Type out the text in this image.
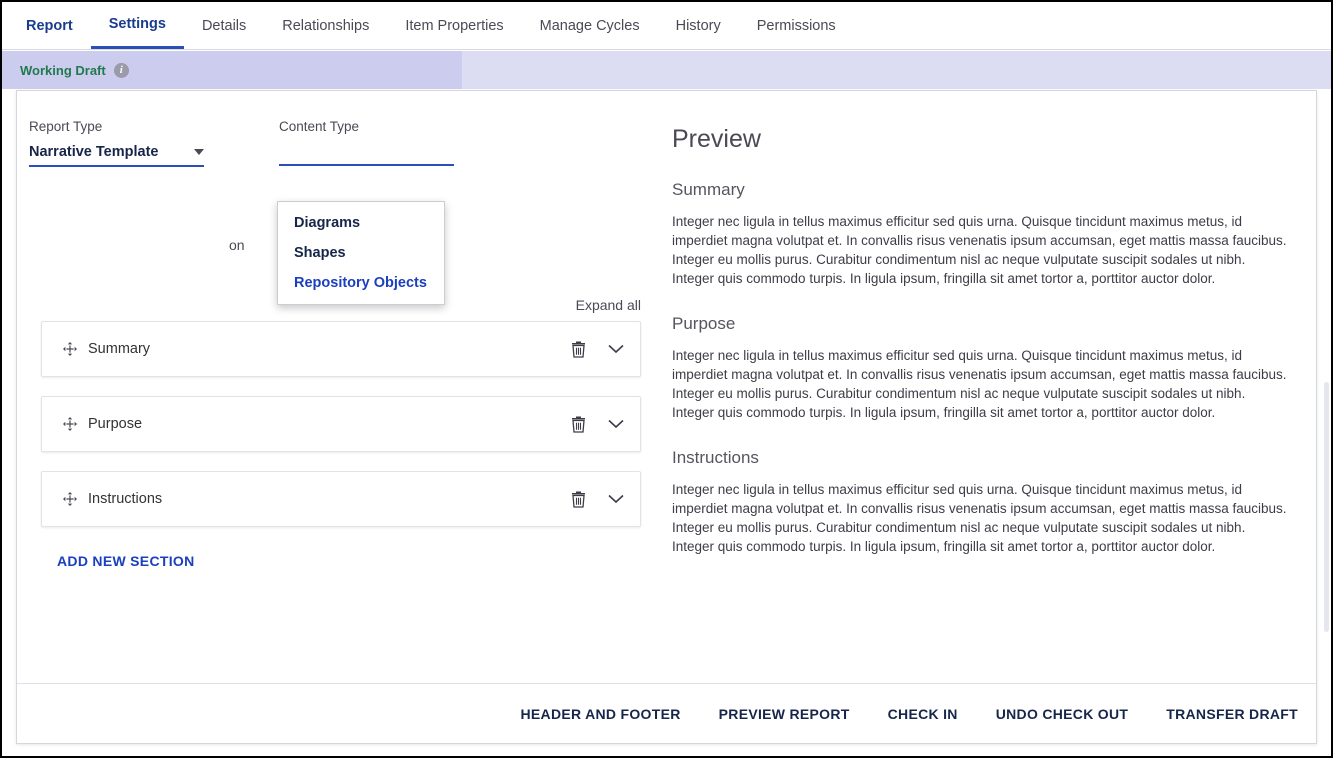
Report Settings Details Relationships Item Properties Manage Cycles History Permissions
Working Draft	i
Report Type
Narrative Template
on
Content Type
Diagrams
Shapes
Repository Objects
Expand all
Summary
Purpose
Instructions
ADD NEW SECTION
Preview
Summary
Integer nec ligula in tellus maximus efficitur sed quis urna. Quisque tincidunt maximus metus, id imperdiet magna volutpat et. In convallis risus venenatis ipsum accumsan, eget mattis massa faucibus. Integer eu mollis purus. Curabitur condimentum nisl ac neque vulputate suscipit sodales ut nibh. Integer quis commodo turpis. In ligula ipsum, fringilla sit amet tortor a, porttitor auctor dolor.
Purpose
Integer nec ligula in tellus maximus efficitur sed quis urna. Quisque tincidunt maximus metus, id imperdiet magna volutpat et. In convallis risus venenatis ipsum accumsan, eget mattis massa faucibus. Integer eu mollis purus. Curabitur condimentum nisl ac neque vulputate suscipit sodales ut nibh. Integer quis commodo turpis. In ligula ipsum, fringilla sit amet tortor a, porttitor auctor dolor.
Instructions
Integer nec ligula in tellus maximus efficitur sed quis urna. Quisque tincidunt maximus metus, id imperdiet magna volutpat et. In convallis risus venenatis ipsum accumsan, eget mattis massa faucibus. Integer eu mollis purus. Curabitur condimentum nisl ac neque vulputate suscipit sodales ut nibh. Integer quis commodo turpis. In ligula ipsum, fringilla sit amet tortor a, porttitor auctor dolor.
HEADER AND FOOTER	PREVIEW REPORT	CHECK IN	UNDO CHECK OUT	TRANSFER DRAFT
